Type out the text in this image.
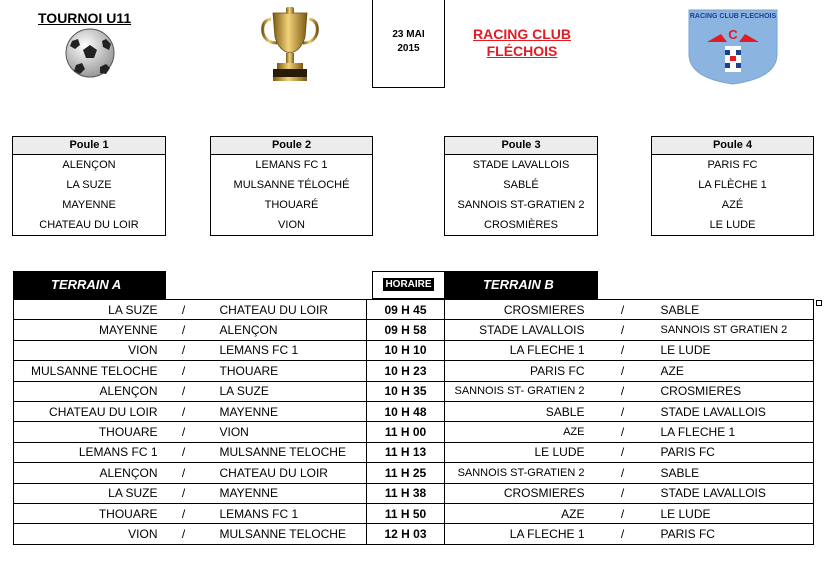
TOURNOI U11
23 MAI
2015
RACING CLUB
FLÉCHOIS
RACING CLUB FLECHOIS
C
Poule 1
ALENÇON
LA SUZE
MAYENNE
CHATEAU DU LOIR
Poule 2
LEMANS FC 1
MULSANNE TÉLOCHÉ
THOUARÉ
VION
Poule 3
STADE LAVALLOIS
SABLÉ
SANNOIS ST-GRATIEN 2
CROSMIÈRES
Poule 4
PARIS FC
LA FLÈCHE 1
AZÉ
LE LUDE
TERRAIN A	HORAIRE	TERRAIN B
LA SUZE	/	CHATEAU DU LOIR	09 H 45	CROSMIERES	/	SABLE
MAYENNE	/	ALENÇON	09 H 58	STADE LAVALLOIS	/	SANNOIS ST GRATIEN 2
VION	/	LEMANS FC 1	10 H 10	LA FLECHE 1	/	LE LUDE
MULSANNE TELOCHE	/	THOUARE	10 H 23	PARIS FC	/	AZE
ALENÇON	/	LA SUZE	10 H 35	SANNOIS ST- GRATIEN 2	/	CROSMIERES
CHATEAU DU LOIR	/	MAYENNE	10 H 48	SABLE	/	STADE LAVALLOIS
THOUARE	/	VION	11 H 00	AZE	/	LA FLECHE 1
LEMANS FC 1	/	MULSANNE TELOCHE	11 H 13	LE LUDE	/	PARIS FC
ALENÇON	/	CHATEAU DU LOIR	11 H 25	SANNOIS ST-GRATIEN 2	/	SABLE
LA SUZE	/	MAYENNE	11 H 38	CROSMIERES	/	STADE LAVALLOIS
THOUARE	/	LEMANS FC 1	11 H 50	AZE	/	LE LUDE
VION	/	MULSANNE TELOCHE	12 H 03	LA FLECHE 1	/	PARIS FC
